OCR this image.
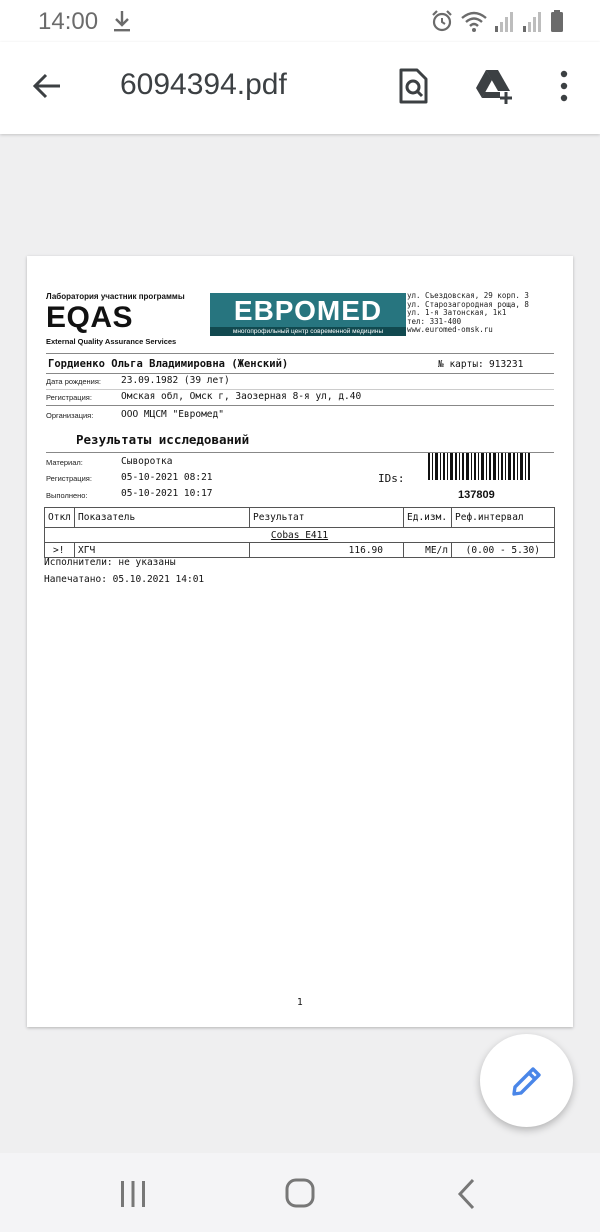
14:00
6094394.pdf
Лаборатория участник программы
EQAS
External Quality Assurance Services
ЕВРОМЕD
многопрофильный центр современной медицины
ул. Съездовская, 29 корп. 3
ул. Старозагородная роща, 8
ул. 1-я Затонская, 1к1
тел: 331-400
www.euromed-omsk.ru
Гордиенко Ольга Владимировна (Женский)	№ карты: 913231
Дата рождения: 23.09.1982 (39 лет)
Регистрация:	Омская обл, Омск г, Заозерная 8-я ул, д.40
Организация:	ООО МЦСМ "Евромед"
Результаты исследований
Материал:	Сыворотка
Регистрация:	05-10-2021 08:21
Выполнено:	05-10-2021 10:17
IDs:
137809
Откл	Показатель	Результат	Ед.изм.	Реф.интервал
Cobas E411				
>!	ХГЧ	116.90	МЕ/л	(0.00 - 5.30)
Исполнители: не указаны
Напечатано: 05.10.2021 14:01
1
